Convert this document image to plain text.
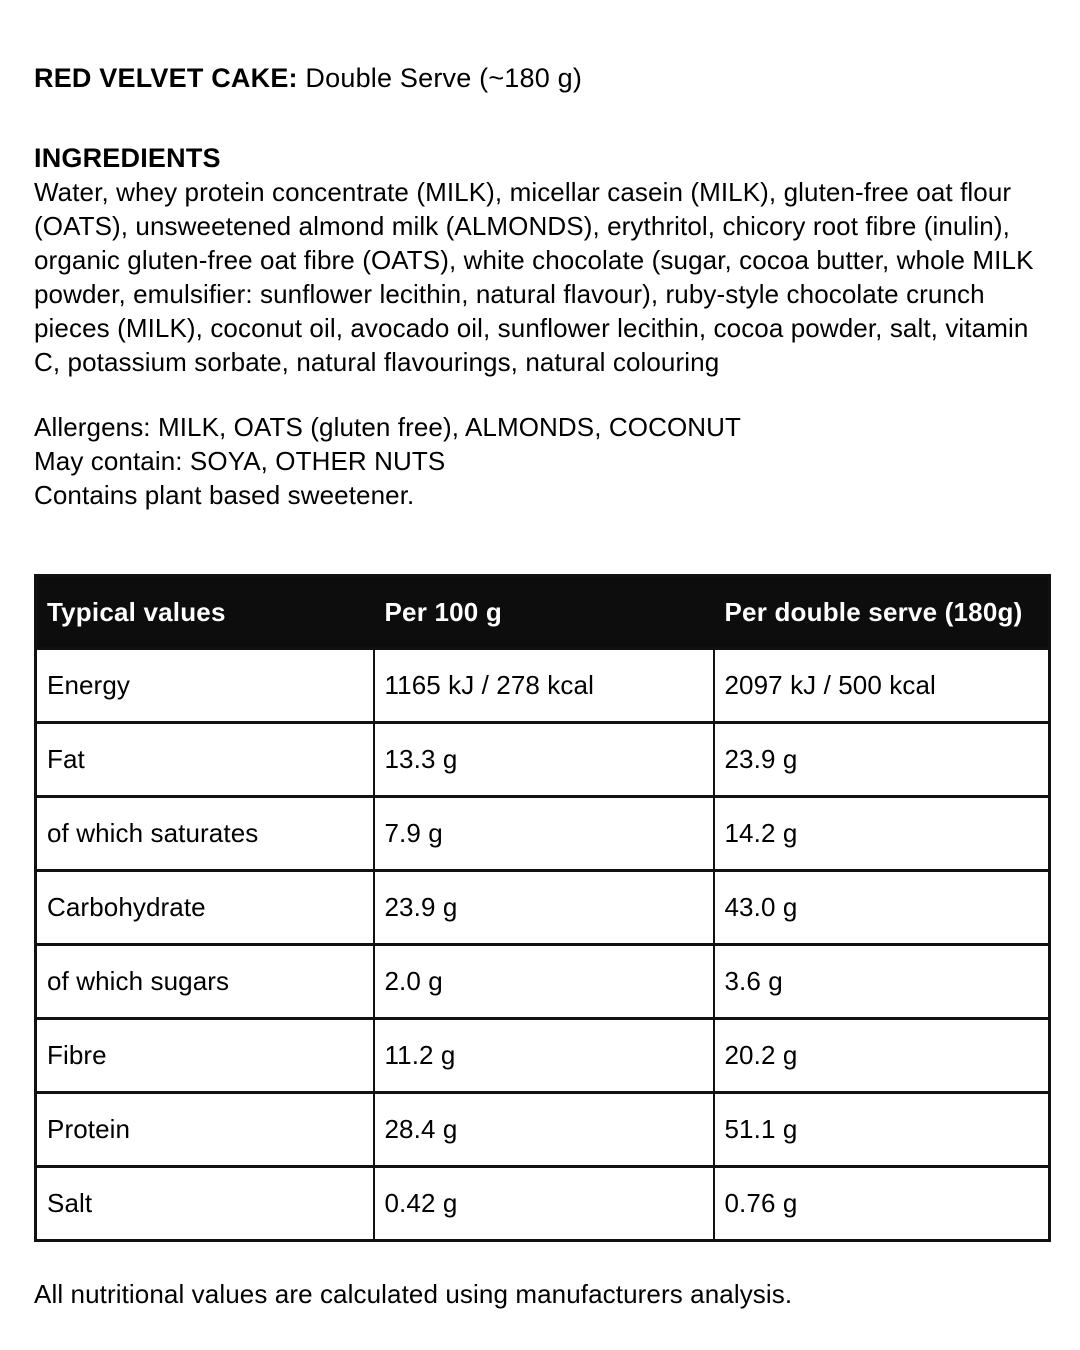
RED VELVET CAKE: Double Serve (~180 g)

INGREDIENTS

Water, whey protein concentrate (MILK), micellar casein (MILK), gluten-free oat flour (OATS), unsweetened almond milk (ALMONDS), erythritol, chicory root fibre (inulin), organic gluten-free oat fibre (OATS), white chocolate (sugar, cocoa butter, whole MILK powder, emulsifier: sunflower lecithin, natural flavour), ruby-style chocolate crunch pieces (MILK), coconut oil, avocado oil, sunflower lecithin, cocoa powder, salt, vitamin C, potassium sorbate, natural flavourings, natural colouring

Allergens: MILK, OATS (gluten free), ALMONDS, COCONUT
May contain: SOYA, OTHER NUTS
Contains plant based sweetener.
Typical values	Per 100 g	Per double serve (180g)
Energy	1165 kJ / 278 kcal	2097 kJ / 500 kcal
Fat	13.3 g	23.9 g
of which saturates	7.9 g	14.2 g
Carbohydrate	23.9 g	43.0 g
of which sugars	2.0 g	3.6 g
Fibre	11.2 g	20.2 g
Protein	28.4 g	51.1 g
Salt	0.42 g	0.76 g

All nutritional values are calculated using manufacturers analysis.
